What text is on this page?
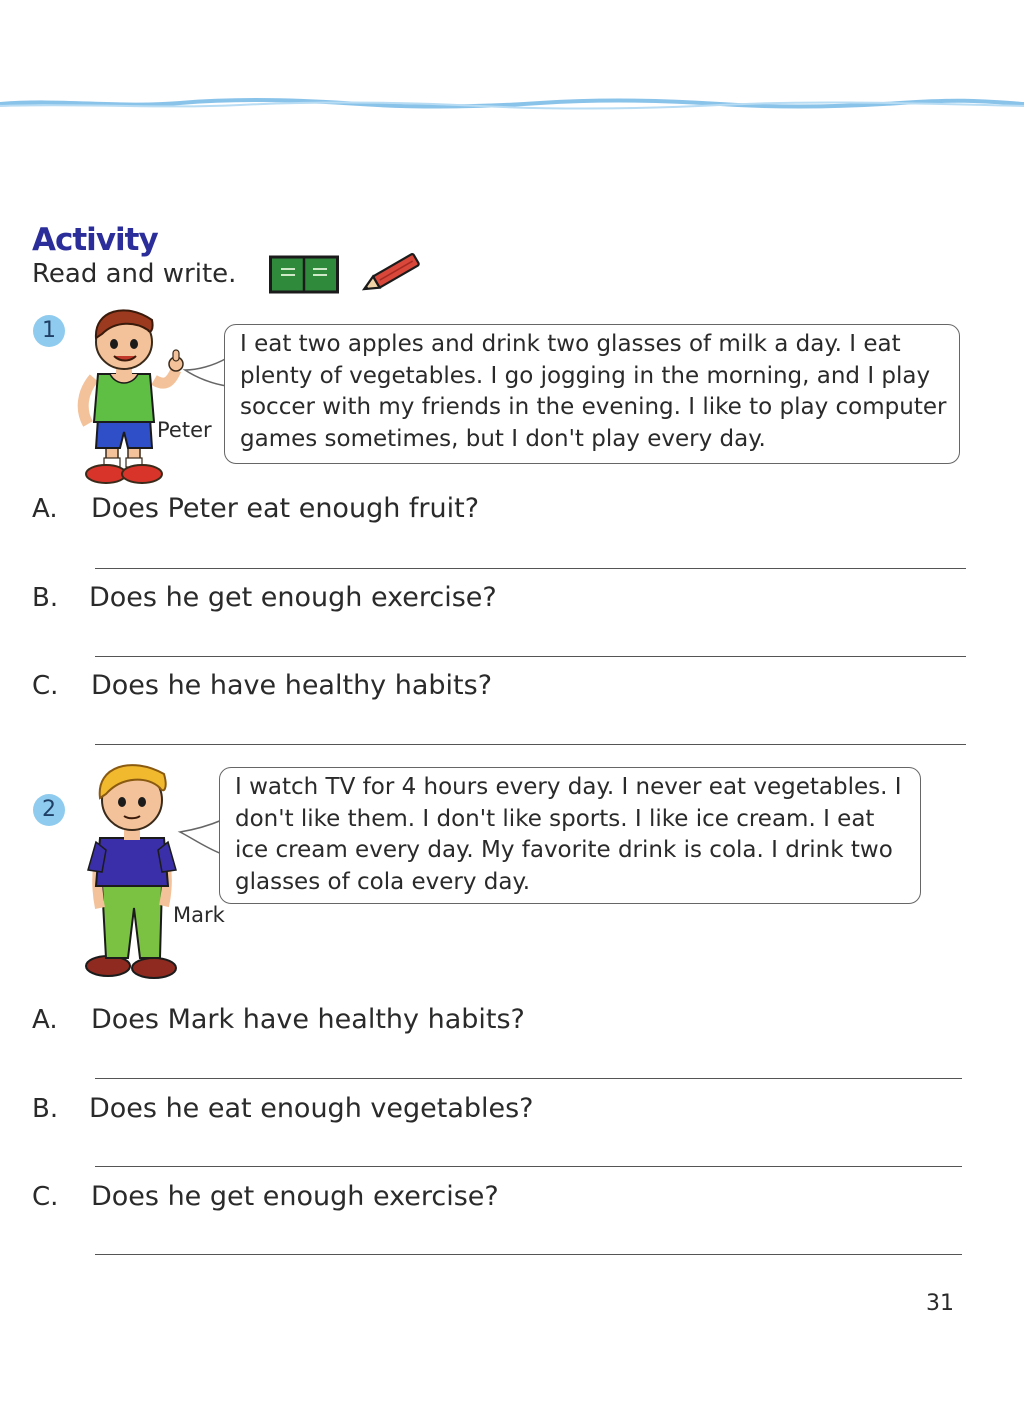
Activity
Read and write.
1
Peter
I eat two apples and drink two glasses of milk a day. I eat plenty of vegetables. I go jogging in the morning, and I play soccer with my friends in the evening. I like to play computer games sometimes, but I don't play every day.
A. Does Peter eat enough fruit?
B. Does he get enough exercise?
C. Does he have healthy habits?
2
Mark
I watch TV for 4 hours every day. I never eat vegetables. I don't like them. I don't like sports. I like ice cream. I eat ice cream every day. My favorite drink is cola. I drink two glasses of cola every day.
A. Does Mark have healthy habits?
B. Does he eat enough vegetables?
C. Does he get enough exercise?
31
